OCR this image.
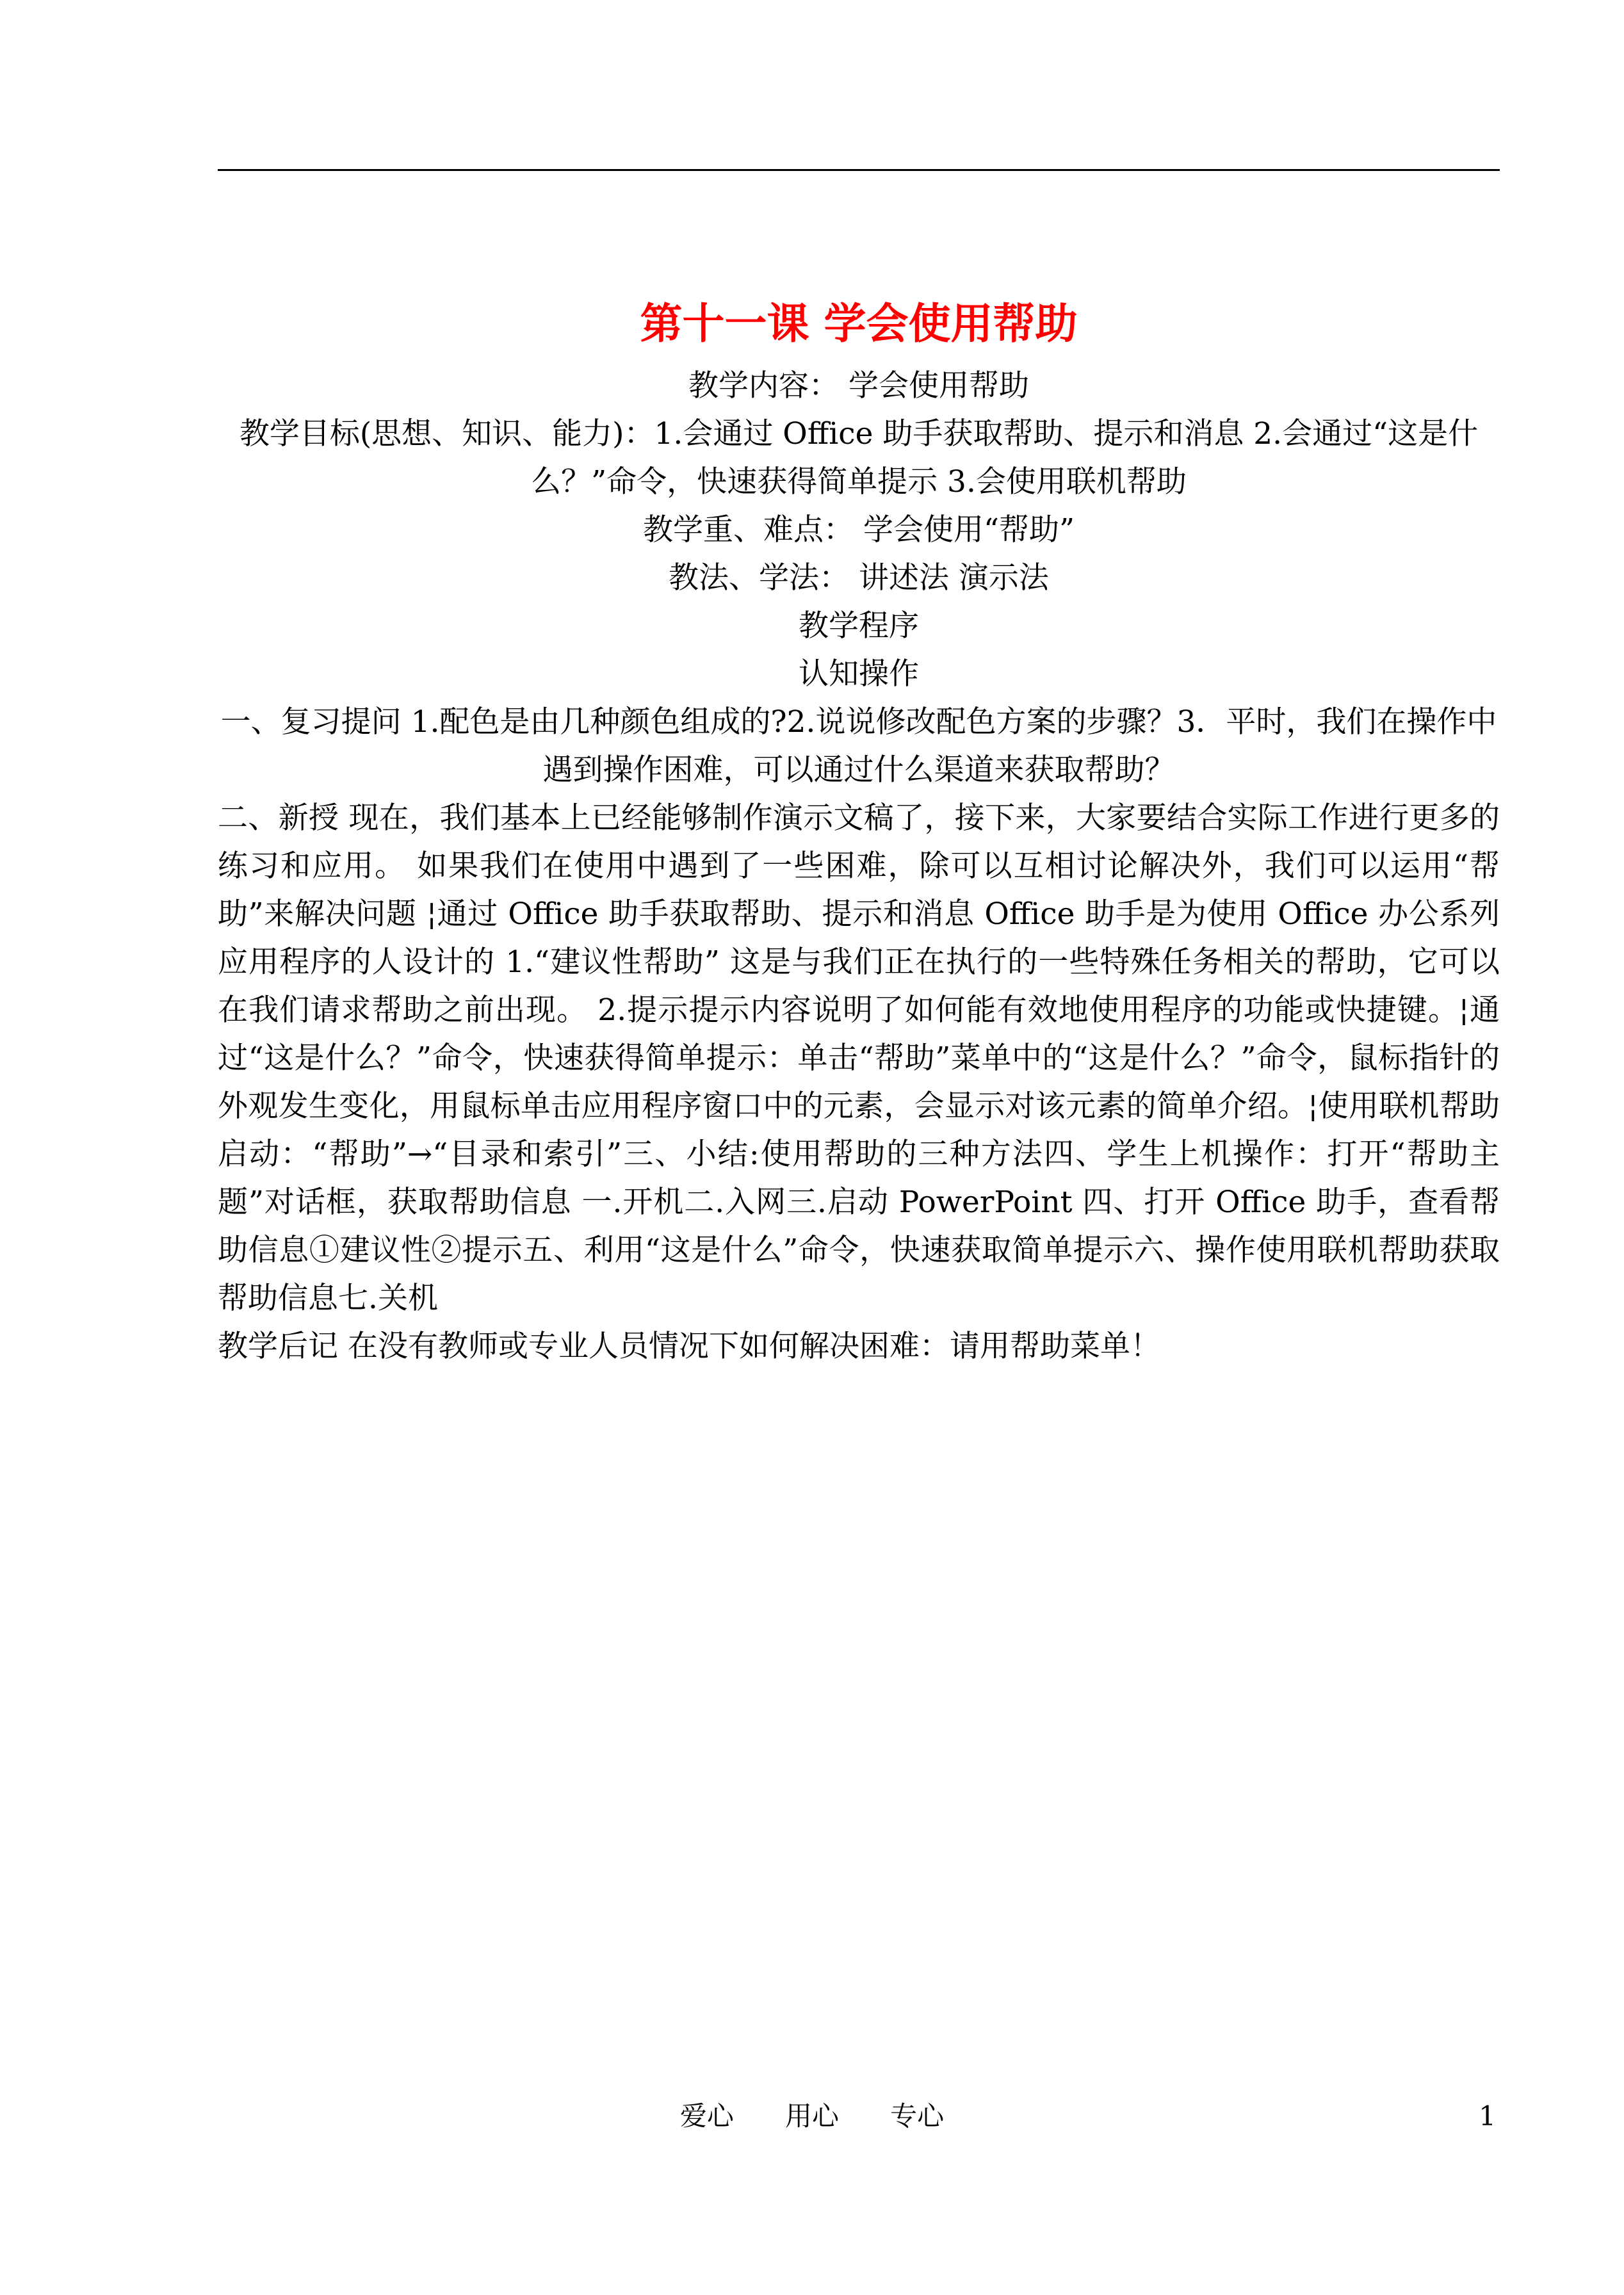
第十一课 学会使用帮助

教学内容： 学会使用帮助

教学目标(思想、知识、能力)：1.会通过 Office 助手获取帮助、提示和消息 2.会通过“这是什么？”命令，快速获得简单提示 3.会使用联机帮助

教学重、难点： 学会使用“帮助”

教法、学法： 讲述法 演示法

教学程序

认知操作

一、复习提问 1.配色是由几种颜色组成的?2.说说修改配色方案的步骤？3．平时，我们在操作中遇到操作困难，可以通过什么渠道来获取帮助？

二、新授 现在，我们基本上已经能够制作演示文稿了，接下来，大家要结合实际工作进行更多的练习和应用。 如果我们在使用中遇到了一些困难，除可以互相讨论解决外，我们可以运用“帮助”来解决问题 ¦通过 Office 助手获取帮助、提示和消息 Office 助手是为使用 Office 办公系列应用程序的人设计的 1.“建议性帮助” 这是与我们正在执行的一些特殊任务相关的帮助，它可以在我们请求帮助之前出现。 2.提示提示内容说明了如何能有效地使用程序的功能或快捷键。¦通过“这是什么？”命令，快速获得简单提示：单击“帮助”菜单中的“这是什么？”命令，鼠标指针的外观发生变化，用鼠标单击应用程序窗口中的元素，会显示对该元素的简单介绍。¦使用联机帮助启动：“帮助”→“目录和索引”三、小结:使用帮助的三种方法四、学生上机操作：打开“帮助主题”对话框，获取帮助信息 一.开机二.入网三.启动 PowerPoint 四、打开 Office 助手，查看帮助信息①建议性②提示五、利用“这是什么”命令，快速获取简单提示六、操作使用联机帮助获取帮助信息七.关机

教学后记 在没有教师或专业人员情况下如何解决困难：请用帮助菜单！

爱心      用心      专心	1
